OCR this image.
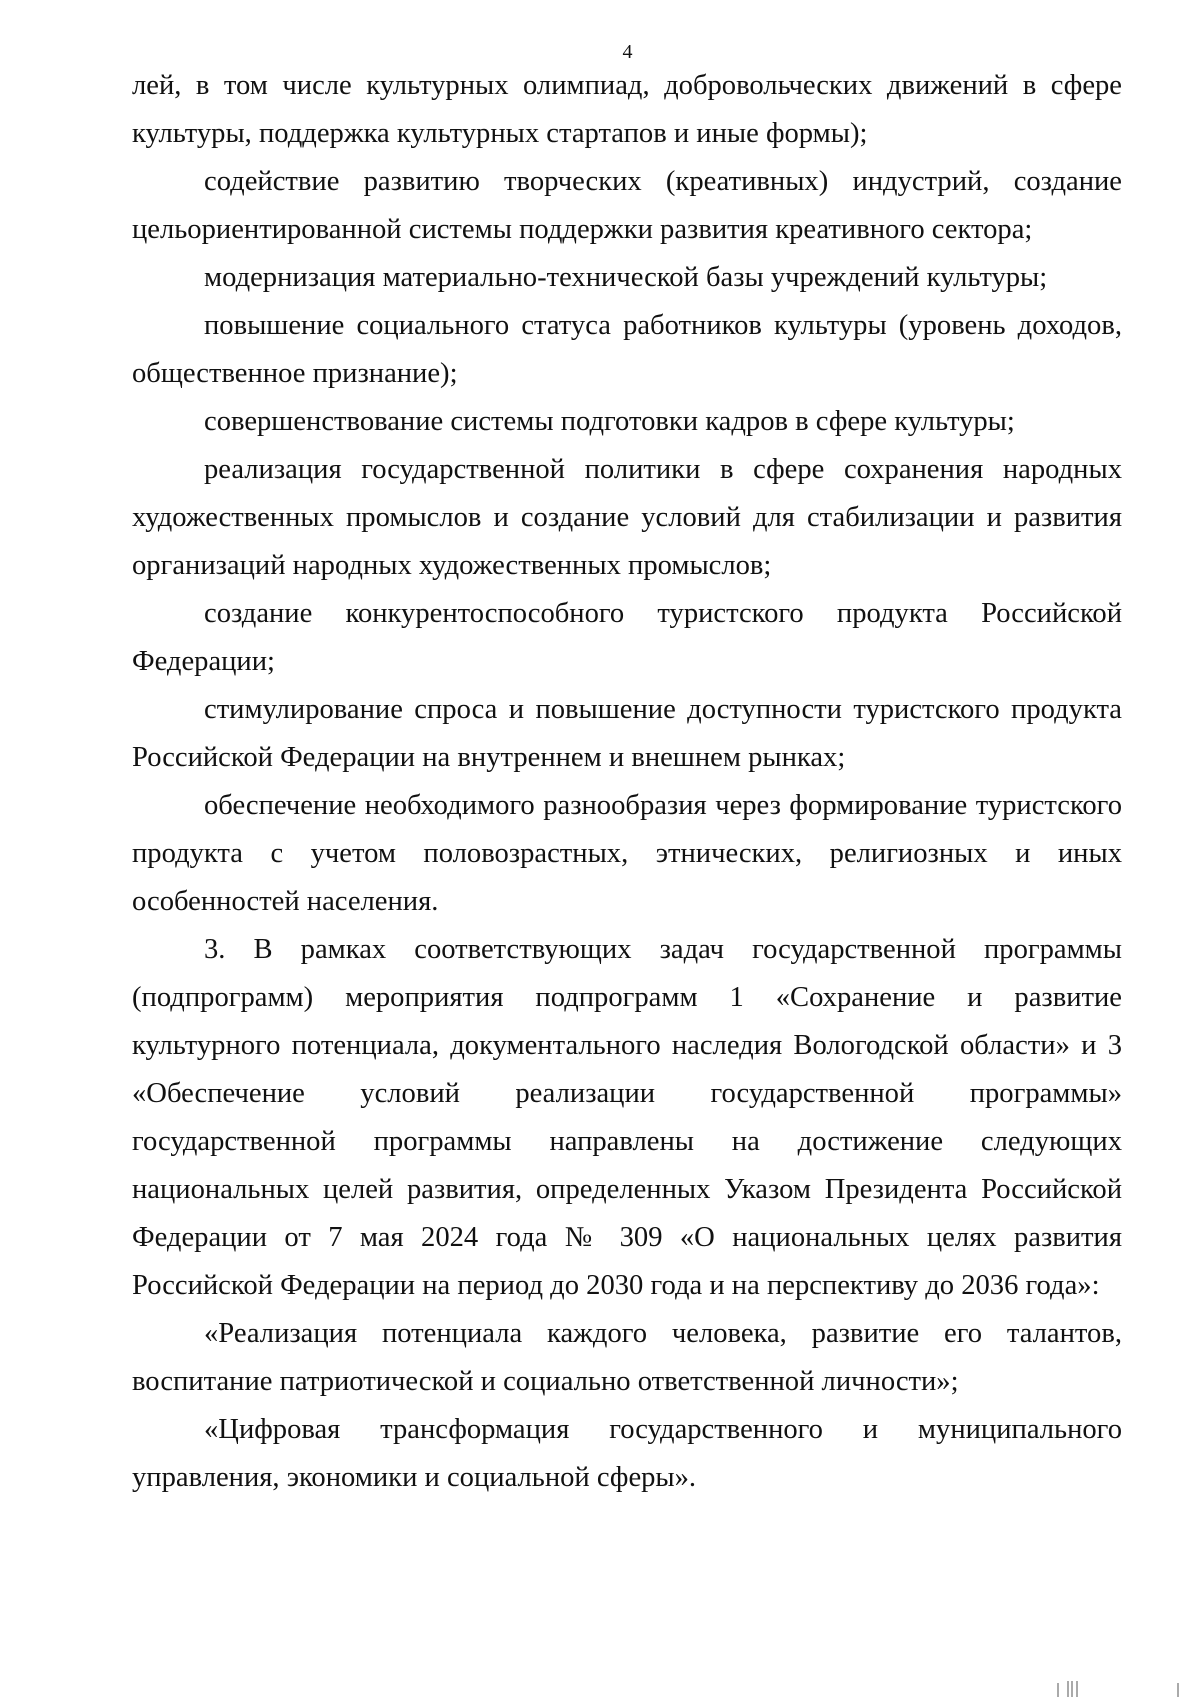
4

лей, в том числе культурных олимпиад, добровольческих движений в сфере культуры, поддержка культурных стартапов и иные формы);

содействие развитию творческих (креативных) индустрий, создание цельориентированной системы поддержки развития креативного сектора;

модернизация материально-технической базы учреждений культуры;

повышение социального статуса работников культуры (уровень доходов, общественное признание);

совершенствование системы подготовки кадров в сфере культуры;

реализация государственной политики в сфере сохранения народных художественных промыслов и создание условий для стабилизации и развития организаций народных художественных промыслов;

создание конкурентоспособного туристского продукта Российской Федерации;

стимулирование спроса и повышение доступности туристского продукта Российской Федерации на внутреннем и внешнем рынках;

обеспечение необходимого разнообразия через формирование туристского продукта с учетом половозрастных, этнических, религиозных и иных особенностей населения.

3. В рамках соответствующих задач государственной программы (подпрограмм) мероприятия подпрограмм 1 «Сохранение и развитие культурного потенциала, документального наследия Вологодской области» и 3 «Обеспечение условий реализации государственной программы» государственной программы направлены на достижение следующих национальных целей развития, определенных Указом Президента Российской Федерации от 7 мая 2024 года № 309 «О национальных целях развития Российской Федерации на период до 2030 года и на перспективу до 2036 года»:

«Реализация потенциала каждого человека, развитие его талантов, воспитание патриотической и социально ответственной личности»;

«Цифровая трансформация государственного и муниципального управления, экономики и социальной сферы».
